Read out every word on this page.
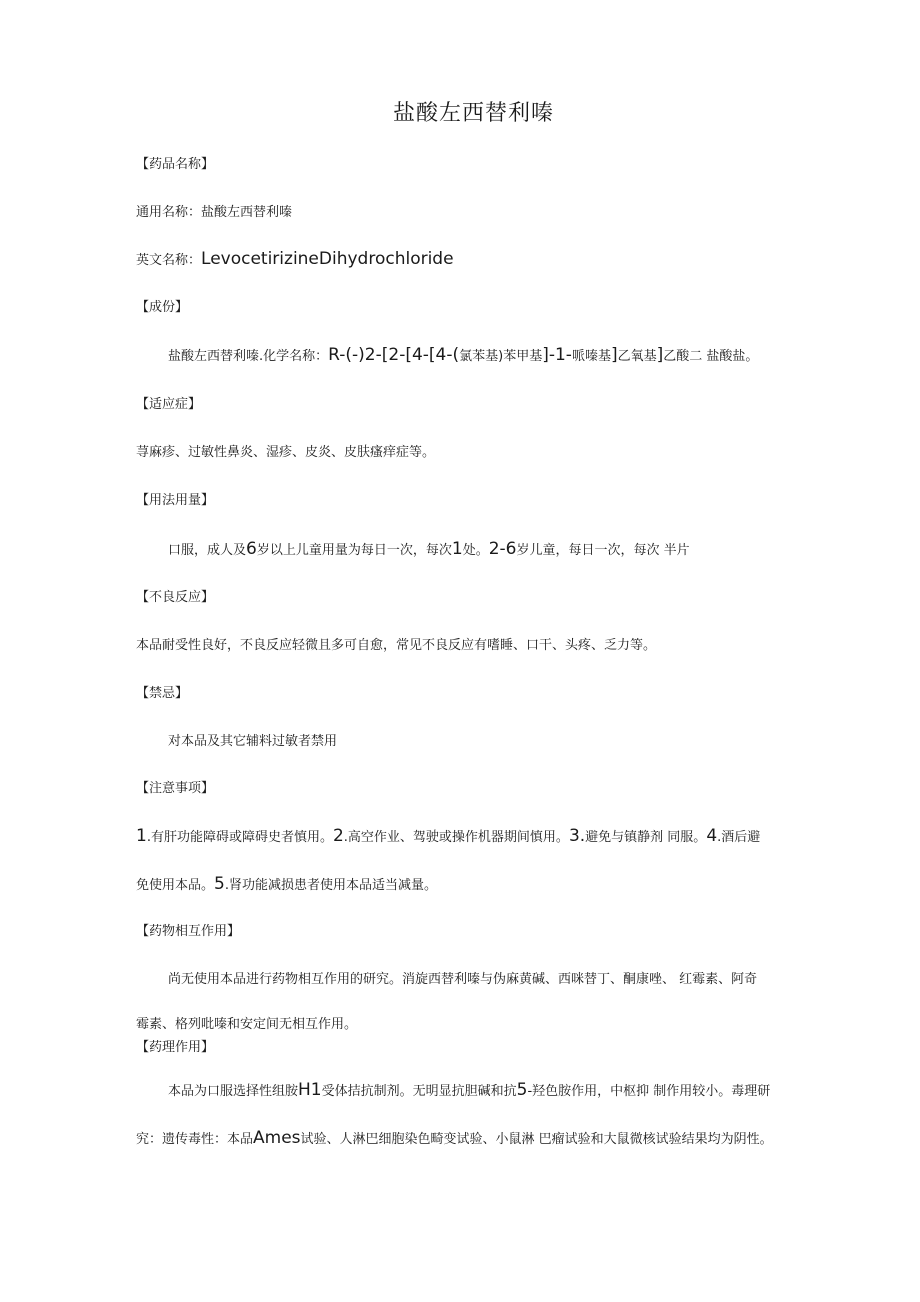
盐酸左西替利嗪
【药品名称】
通用名称：盐酸左西替利嗪
英文名称：LevocetirizineDihydrochloride
【成份】
盐酸左西替利嗪.化学名称：R-(-)2-[2-[4-[4-(氯苯基)苯甲基]-1-哌嗪基]乙氧基]乙酸二 盐酸盐。
【适应症】
荨麻疹、过敏性鼻炎、湿疹、皮炎、皮肤瘙痒症等。
【用法用量】
口服，成人及6岁以上儿童用量为每日一次，每次1处。2-6岁儿童，每日一次，每次 半片
【不良反应】
本品耐受性良好，不良反应轻微且多可自愈，常见不良反应有嗜睡、口干、头疼、乏力等。
【禁忌】
对本品及其它辅料过敏者禁用
【注意事项】
1.有肝功能障碍或障碍史者慎用。2.高空作业、驾驶或操作机器期间慎用。3.避免与镇静剂 同服。4.酒后避
免使用本品。5.肾功能减损患者使用本品适当减量。
【药物相互作用】
尚无使用本品进行药物相互作用的研究。消旋西替利嗪与伪麻黄碱、西咪替丁、酮康唑、 红霉素、阿奇
霉素、格列吡嗪和安定间无相互作用。
【药理作用】
本品为口服选择性组胺H1受体拮抗制剂。无明显抗胆碱和抗5-羟色胺作用，中枢抑 制作用较小。毒理研
究：遗传毒性：本品Ames试验、人淋巴细胞染色畸变试验、小鼠淋 巴瘤试验和大鼠微核试验结果均为阴性。
